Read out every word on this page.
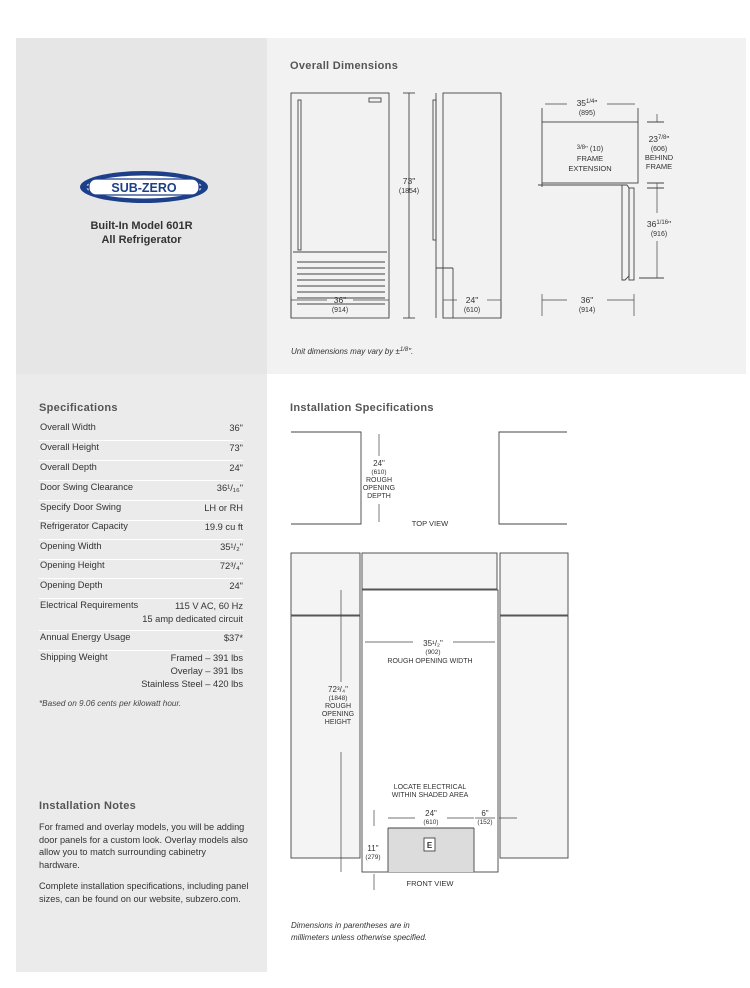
SUB-ZERO
Built-In Model 601R
All Refrigerator
Overall Dimensions
73"
(1854)
36"
(914)
24"
(610)
36"
(914)
$35^{1/4}$"
(895)
$^{3/8}$" (10)
FRAME
EXTENSION
$23^{7/8}$"
(606)
BEHIND
FRAME
$36^{1/16}$"
(916)
Unit dimensions may vary by ±$^{1/8}$".
Specifications
Overall Width	36"
Overall Height	73"
Overall Depth	24"
Door Swing Clearance	36¹/₁₆"
Specify Door Swing	LH or RH
Refrigerator Capacity	19.9 cu ft
Opening Width	35¹/₂"
Opening Height	72³/₄"
Opening Depth	24"
Electrical Requirements	115 V AC, 60 Hz
15 amp dedicated circuit
Annual Energy Usage	$37*
Shipping Weight	Framed – 391 lbs
Overlay – 391 lbs
Stainless Steel – 420 lbs
*Based on 9.06 cents per kilowatt hour.
Installation Notes
For framed and overlay models, you will be adding door panels for a custom look. Overlay models also allow you to match surrounding cabinetry hardware.
Complete installation specifications, including panel sizes, can be found on our website, subzero.com.
Installation Specifications
24"
(610)
ROUGH
OPENING
DEPTH
TOP VIEW
35¹/₂"
(902)
ROUGH OPENING WIDTH
72³/₄"
(1848)
ROUGH
OPENING
HEIGHT
LOCATE ELECTRICAL
WITHIN SHADED AREA
24"
(610)
6"
(152)
11"
(279)
E
FRONT VIEW
Dimensions in parentheses are in
millimeters unless otherwise specified.
